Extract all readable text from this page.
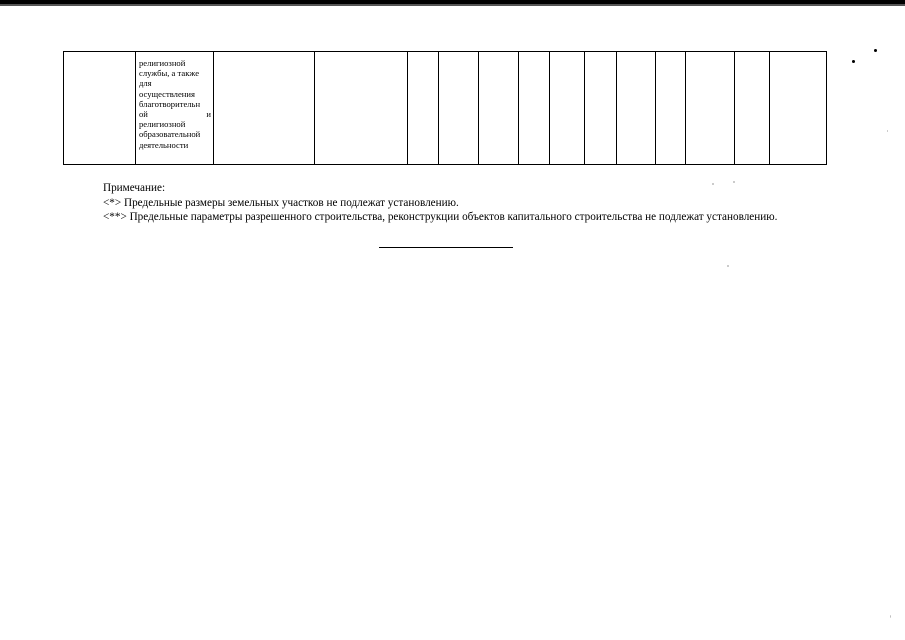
религиозной
службы, а также
для
осуществления
благотворительн
ой	и
религиозной
образовательной
деятельности

Примечание:

<*> Предельные размеры земельных участков не подлежат установлению.

<**> Предельные параметры разрешенного строительства, реконструкции объектов капитального строительства не подлежат установлению.
